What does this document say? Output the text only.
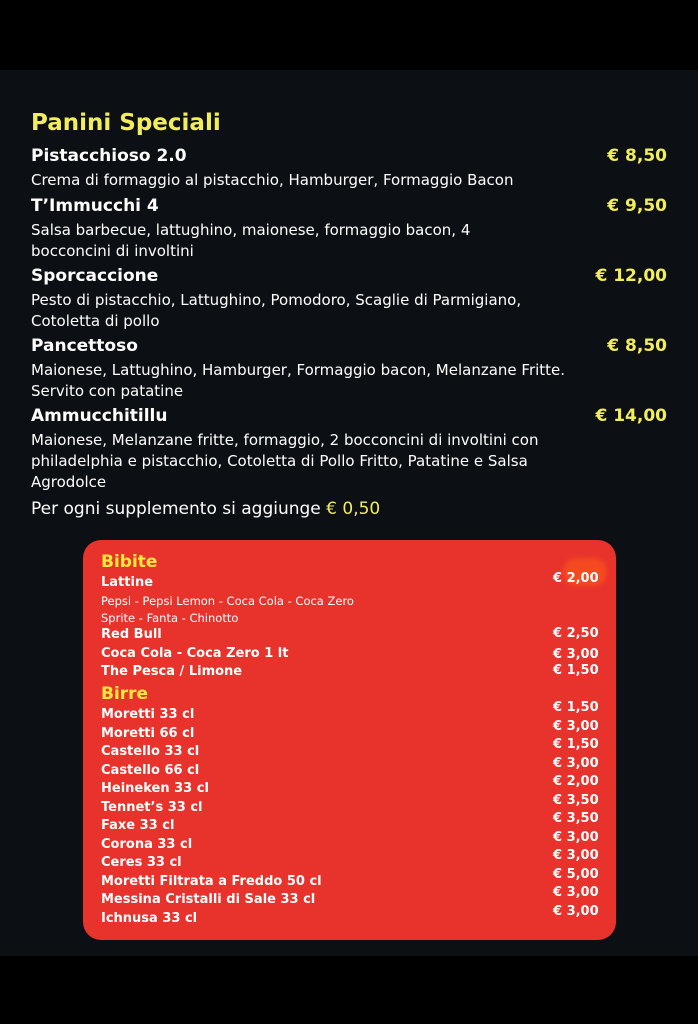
Panini Speciali
Pistacchioso 2.0	€ 8,50
Crema di formaggio al pistacchio, Hamburger, Formaggio Bacon
T’Immucchi 4	€ 9,50
Salsa barbecue, lattughino, maionese, formaggio bacon, 4 bocconcini di involtini
Sporcaccione	€ 12,00
Pesto di pistacchio, Lattughino, Pomodoro, Scaglie di Parmigiano, Cotoletta di pollo
Pancettoso	€ 8,50
Maionese, Lattughino, Hamburger, Formaggio bacon, Melanzane Fritte. Servito con patatine
Ammucchitillu	€ 14,00
Maionese, Melanzane fritte, formaggio, 2 bocconcini di involtini con philadelphia e pistacchio, Cotoletta di Pollo Fritto, Patatine e Salsa Agrodolce
Per ogni supplemento si aggiunge € 0,50
Bibite
Lattine	€ 2,00
Pepsi - Pepsi Lemon - Coca Cola - Coca Zero
Sprite - Fanta - Chinotto
Red Bull	€ 2,50
Coca Cola - Coca Zero 1 lt	€ 3,00
The Pesca / Limone	€ 1,50
Birre
Moretti 33 cl	€ 1,50
Moretti 66 cl	€ 3,00
Castello 33 cl	€ 1,50
Castello 66 cl	€ 3,00
Heineken 33 cl	€ 2,00
Tennet’s 33 cl	€ 3,50
Faxe 33 cl	€ 3,50
Corona 33 cl	€ 3,00
Ceres 33 cl	€ 3,00
Moretti Filtrata a Freddo 50 cl	€ 5,00
Messina Cristalli di Sale 33 cl	€ 3,00
Ichnusa 33 cl	€ 3,00
